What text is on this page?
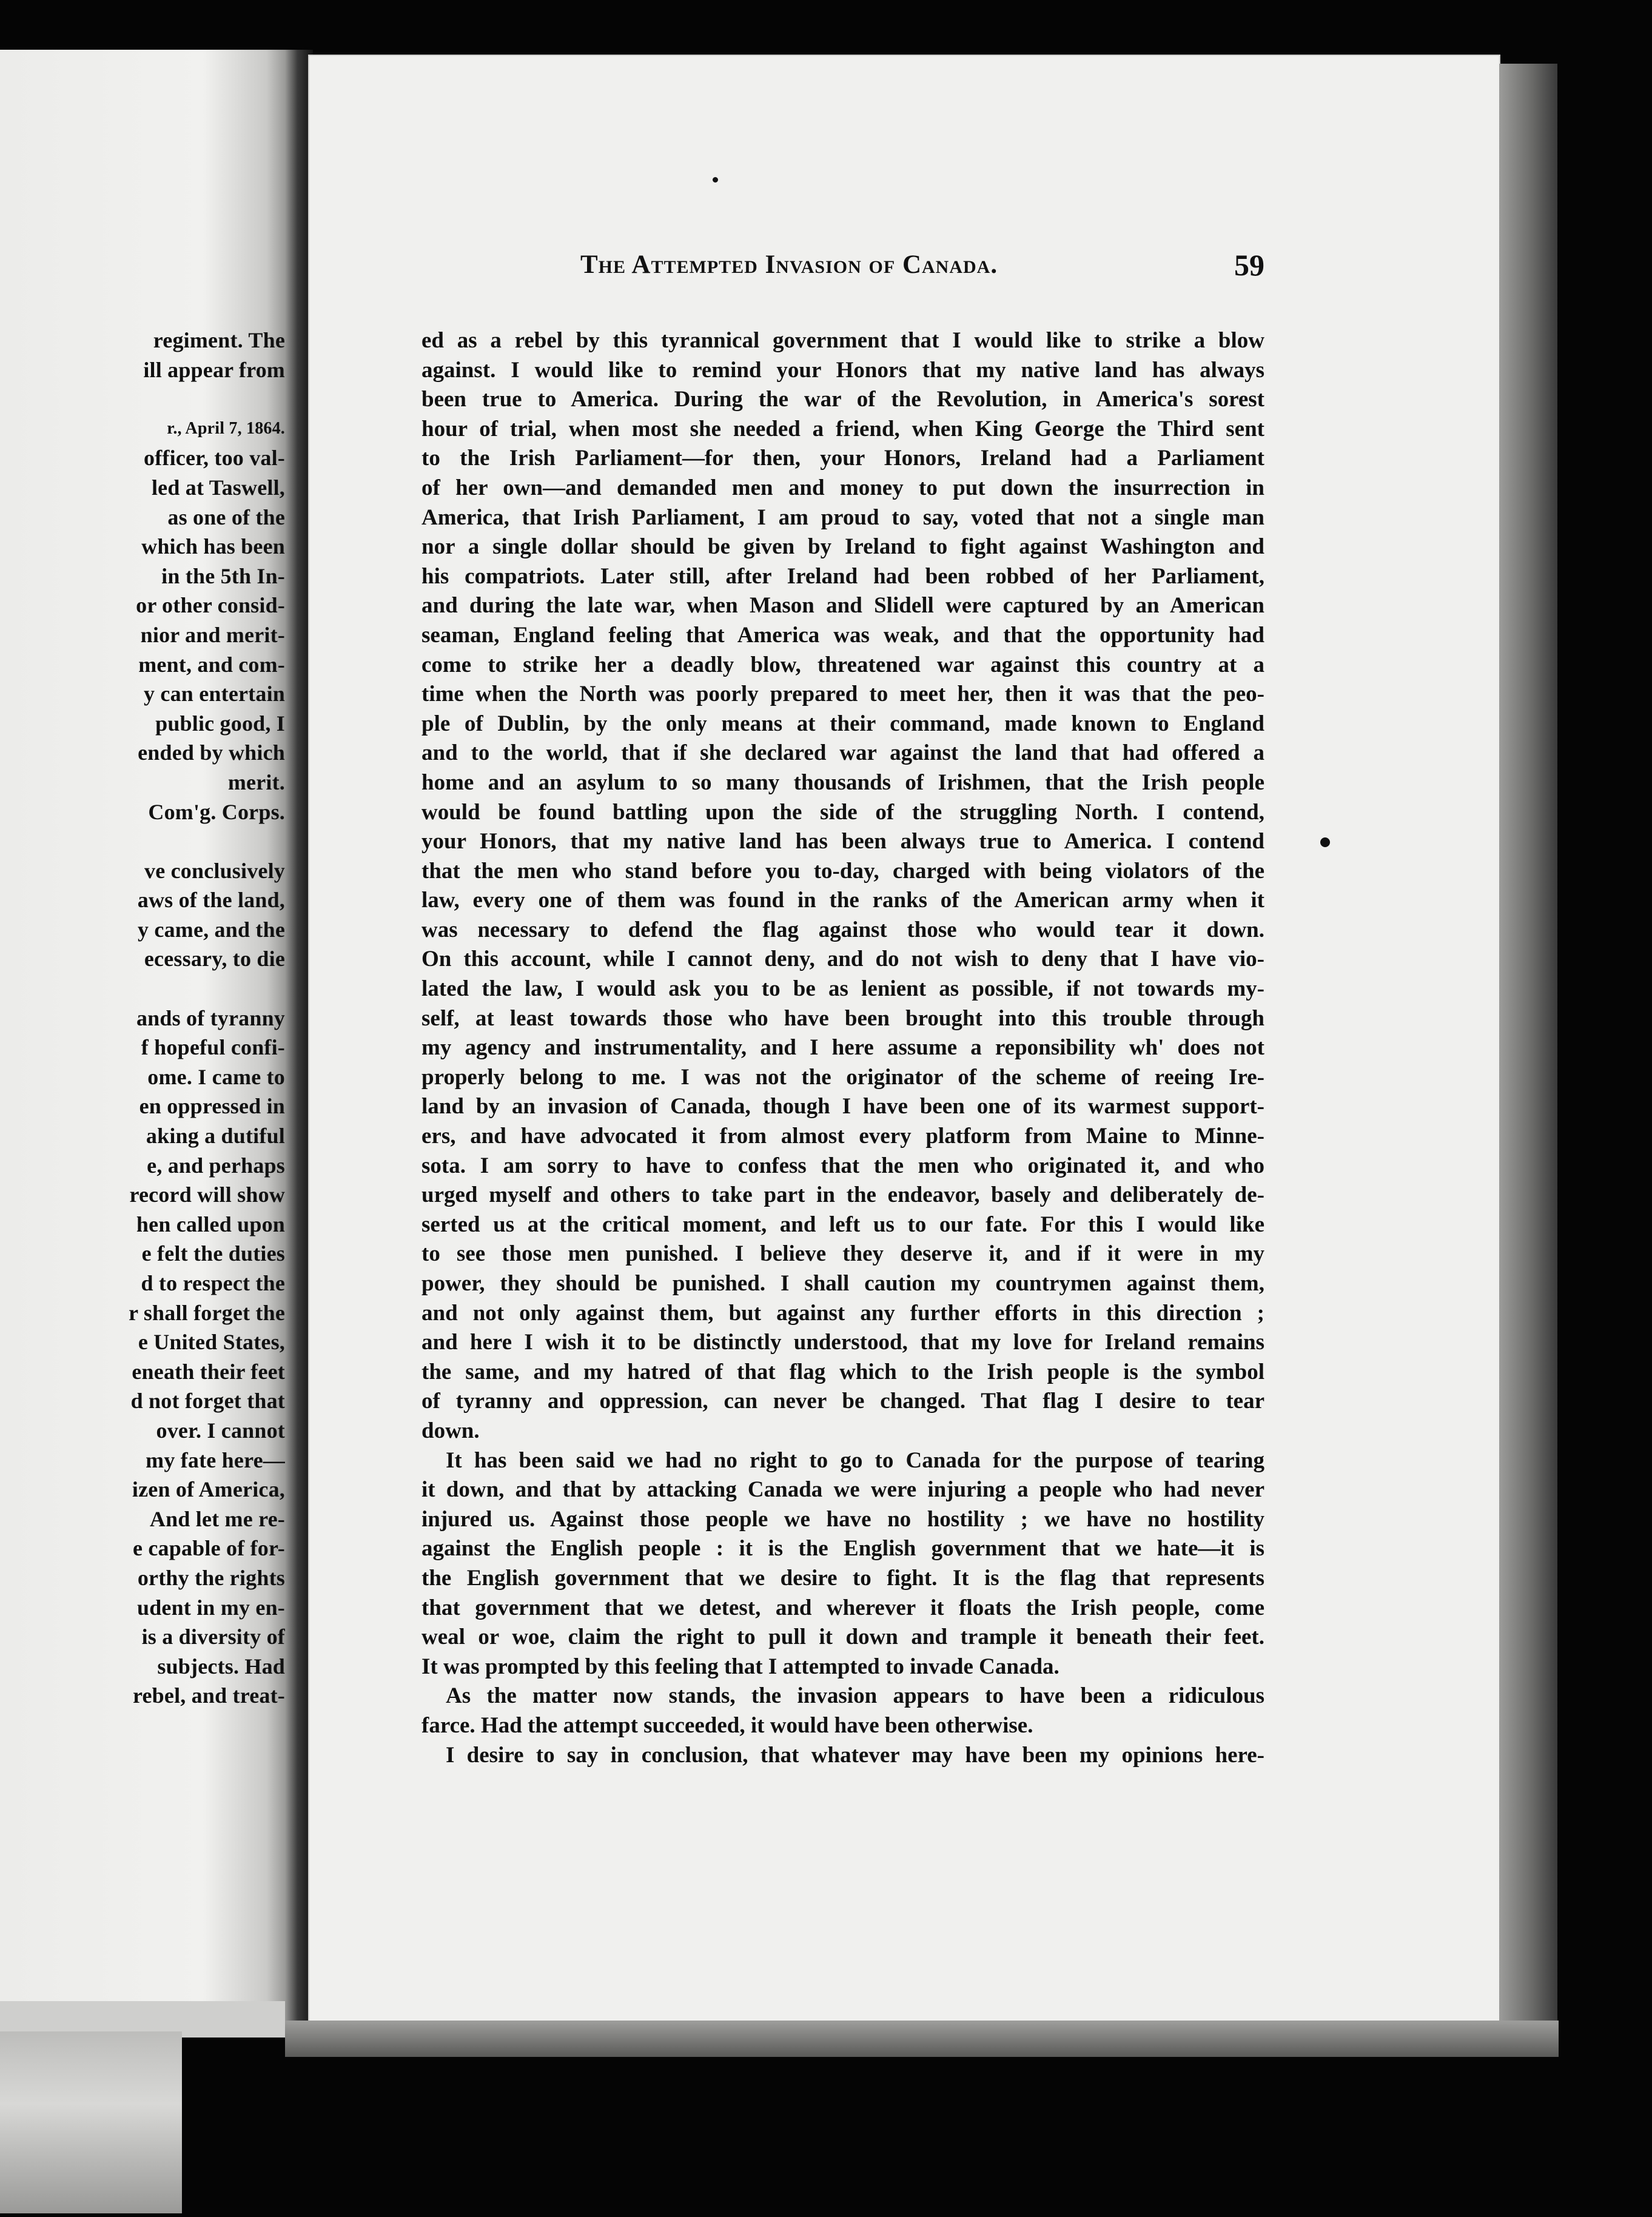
regiment. The
ill appear from

r., April 7, 1864.
officer, too val-
led at Taswell,
as one of the
which has been
in the 5th In-
or other consid-
nior and merit-
ment, and com-
y can entertain
public good, I
ended by which
merit.
Com'g. Corps.

ve conclusively
aws of the land,
y came, and the
ecessary, to die

ands of tyranny
f hopeful confi-
ome. I came to
en oppressed in
aking a dutiful
e, and perhaps
record will show
hen called upon
e felt the duties
d to respect the
r shall forget the
e United States,
eneath their feet
d not forget that
over. I cannot
my fate here—
izen of America,
And let me re-
e capable of for-
orthy the rights
udent in my en-
is a diversity of
subjects. Had
rebel, and treat-
The Attempted Invasion of Canada.	59
ed as a rebel by this tyrannical government that I would like to strike a blow
against. I would like to remind your Honors that my native land has always
been true to America. During the war of the Revolution, in America's sorest
hour of trial, when most she needed a friend, when King George the Third sent
to the Irish Parliament—for then, your Honors, Ireland had a Parliament
of her own—and demanded men and money to put down the insurrection in
America, that Irish Parliament, I am proud to say, voted that not a single man
nor a single dollar should be given by Ireland to fight against Washington and
his compatriots. Later still, after Ireland had been robbed of her Parliament,
and during the late war, when Mason and Slidell were captured by an American
seaman, England feeling that America was weak, and that the opportunity had
come to strike her a deadly blow, threatened war against this country at a
time when the North was poorly prepared to meet her, then it was that the peo-
ple of Dublin, by the only means at their command, made known to England
and to the world, that if she declared war against the land that had offered a
home and an asylum to so many thousands of Irishmen, that the Irish people
would be found battling upon the side of the struggling North. I contend,
your Honors, that my native land has been always true to America. I contend
that the men who stand before you to-day, charged with being violators of the
law, every one of them was found in the ranks of the American army when it
was necessary to defend the flag against those who would tear it down.
On this account, while I cannot deny, and do not wish to deny that I have vio-
lated the law, I would ask you to be as lenient as possible, if not towards my-
self, at least towards those who have been brought into this trouble through
my agency and instrumentality, and I here assume a reponsibility wh' does not
properly belong to me. I was not the originator of the scheme of reeing Ire-
land by an invasion of Canada, though I have been one of its warmest support-
ers, and have advocated it from almost every platform from Maine to Minne-
sota. I am sorry to have to confess that the men who originated it, and who
urged myself and others to take part in the endeavor, basely and deliberately de-
serted us at the critical moment, and left us to our fate. For this I would like
to see those men punished. I believe they deserve it, and if it were in my
power, they should be punished. I shall caution my countrymen against them,
and not only against them, but against any further efforts in this direction ;
and here I wish it to be distinctly understood, that my love for Ireland remains
the same, and my hatred of that flag which to the Irish people is the symbol
of tyranny and oppression, can never be changed. That flag I desire to tear
down.
It has been said we had no right to go to Canada for the purpose of tearing
it down, and that by attacking Canada we were injuring a people who had never
injured us. Against those people we have no hostility ; we have no hostility
against the English people : it is the English government that we hate—it is
the English government that we desire to fight. It is the flag that represents
that government that we detest, and wherever it floats the Irish people, come
weal or woe, claim the right to pull it down and trample it beneath their feet.
It was prompted by this feeling that I attempted to invade Canada.
As the matter now stands, the invasion appears to have been a ridiculous
farce. Had the attempt succeeded, it would have been otherwise.
I desire to say in conclusion, that whatever may have been my opinions here-
